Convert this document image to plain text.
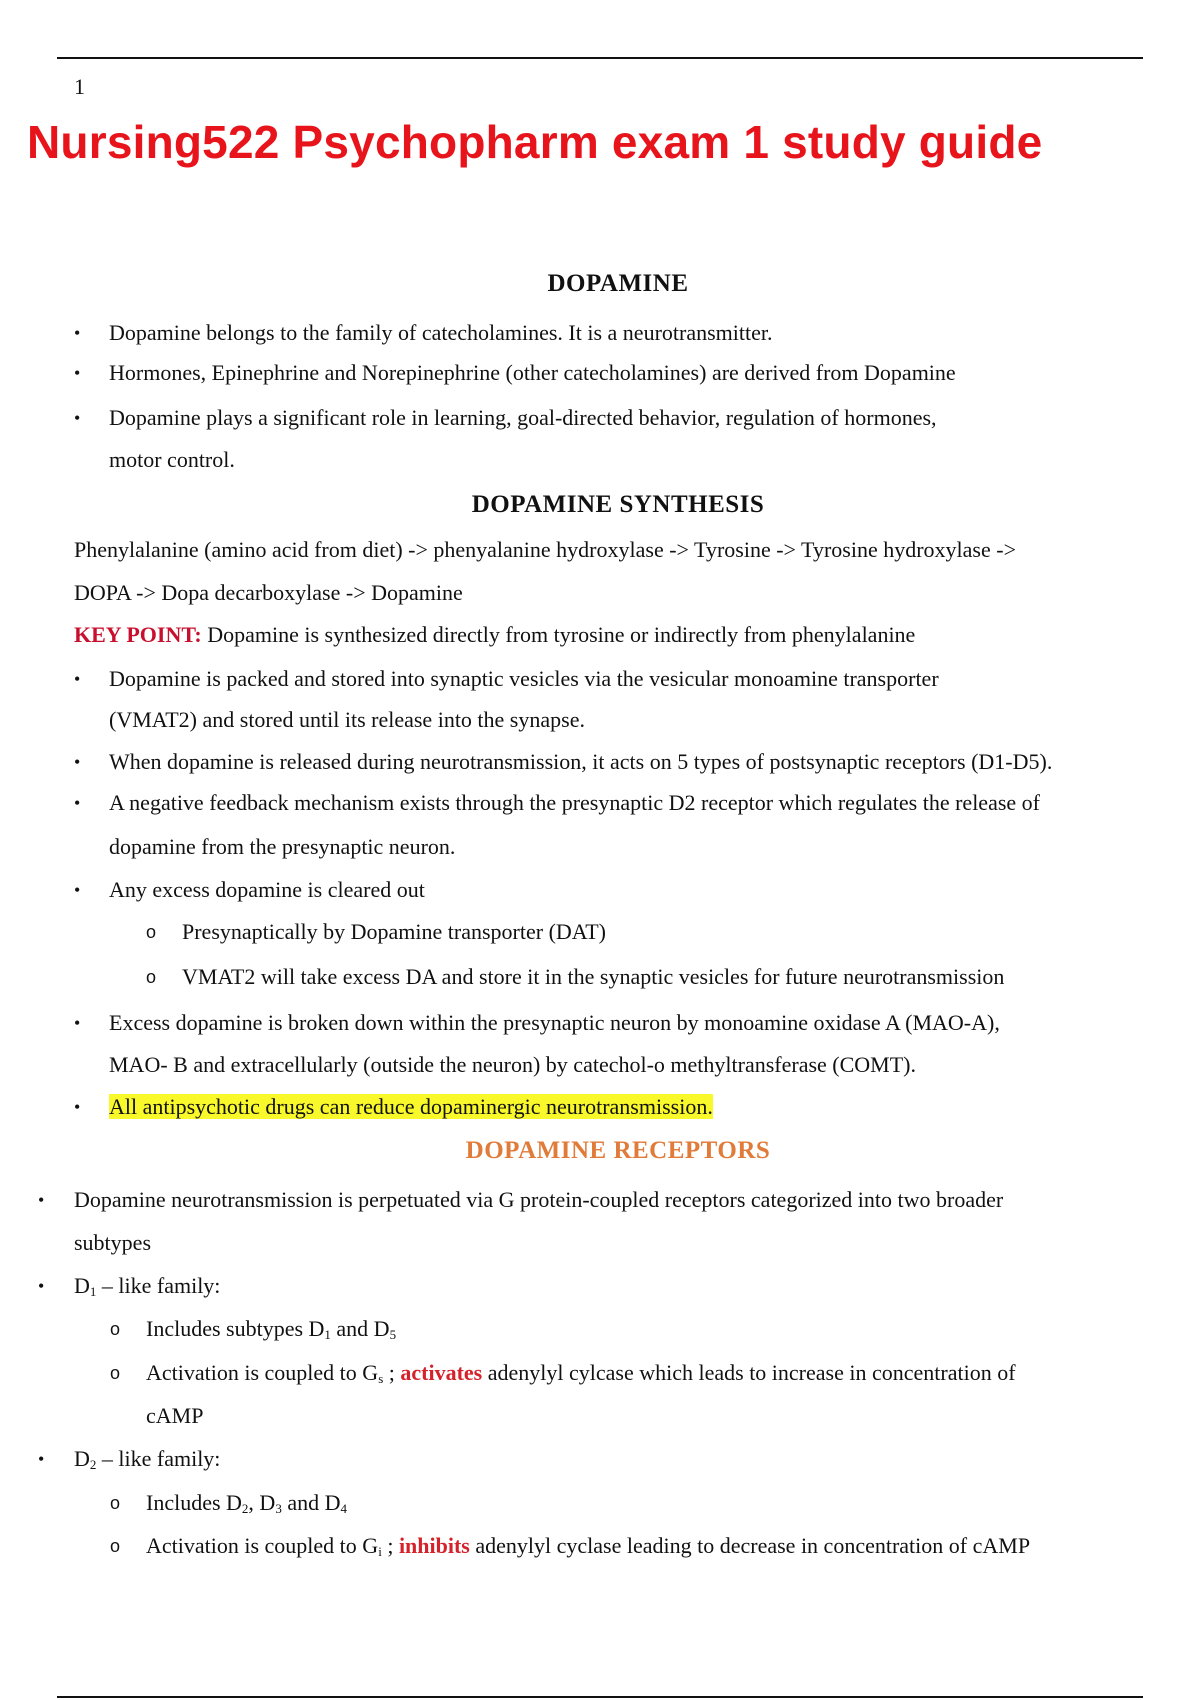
1
Nursing522 Psychopharm exam 1 study guide
DOPAMINE
• Dopamine belongs to the family of catecholamines. It is a neurotransmitter.
• Hormones, Epinephrine and Norepinephrine (other catecholamines) are derived from Dopamine
• Dopamine plays a significant role in learning, goal-directed behavior, regulation of hormones,
motor control.
DOPAMINE SYNTHESIS
Phenylalanine (amino acid from diet) -> phenyalanine hydroxylase -> Tyrosine -> Tyrosine hydroxylase ->
DOPA -> Dopa decarboxylase -> Dopamine
KEY POINT: Dopamine is synthesized directly from tyrosine or indirectly from phenylalanine
• Dopamine is packed and stored into synaptic vesicles via the vesicular monoamine transporter
(VMAT2) and stored until its release into the synapse.
• When dopamine is released during neurotransmission, it acts on 5 types of postsynaptic receptors (D1-D5).
• A negative feedback mechanism exists through the presynaptic D2 receptor which regulates the release of
dopamine from the presynaptic neuron.
• Any excess dopamine is cleared out
o Presynaptically by Dopamine transporter (DAT)
o VMAT2 will take excess DA and store it in the synaptic vesicles for future neurotransmission
• Excess dopamine is broken down within the presynaptic neuron by monoamine oxidase A (MAO-A),
MAO- B and extracellularly (outside the neuron) by catechol-o methyltransferase (COMT).
• All antipsychotic drugs can reduce dopaminergic neurotransmission.
DOPAMINE RECEPTORS
• Dopamine neurotransmission is perpetuated via G protein-coupled receptors categorized into two broader
subtypes
• $D_1$ – like family:
o Includes subtypes $D_1$ and $D_5$
o Activation is coupled to $G_s$ ; activates adenylyl cylcase which leads to increase in concentration of
cAMP
• $D_2$ – like family:
o Includes $D_2$, $D_3$ and $D_4$
o Activation is coupled to $G_i$ ; inhibits adenylyl cyclase leading to decrease in concentration of cAMP
